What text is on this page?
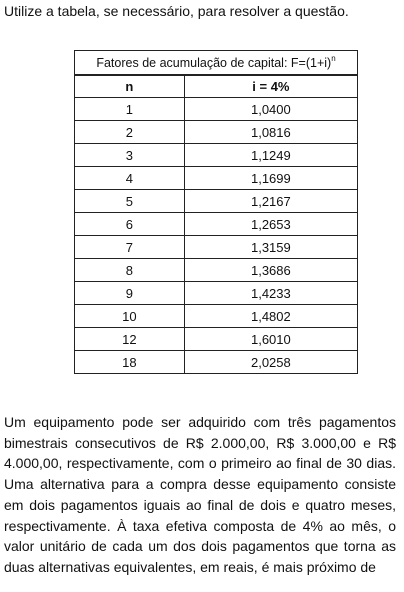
Utilize a tabela, se necessário, para resolver a questão.
Fatores de acumulação de capital: $F=(1+i)^n$
n	i = 4%
1	1,0400
2	1,0816
3	1,1249
4	1,1699
5	1,2167
6	1,2653
7	1,3159
8	1,3686
9	1,4233
10	1,4802
12	1,6010
18	2,0258
Um equipamento pode ser adquirido com três pagamentos bimestrais consecutivos de R$ 2.000,00, R$ 3.000,00 e R$ 4.000,00, respectivamente, com o primeiro ao final de 30 dias. Uma alternativa para a compra desse equipamento consiste em dois pagamentos iguais ao final de dois e quatro meses, respectivamente. À taxa efetiva composta de 4% ao mês, o valor unitário de cada um dos dois pagamentos que torna as duas alternativas equivalentes, em reais, é mais próximo de
